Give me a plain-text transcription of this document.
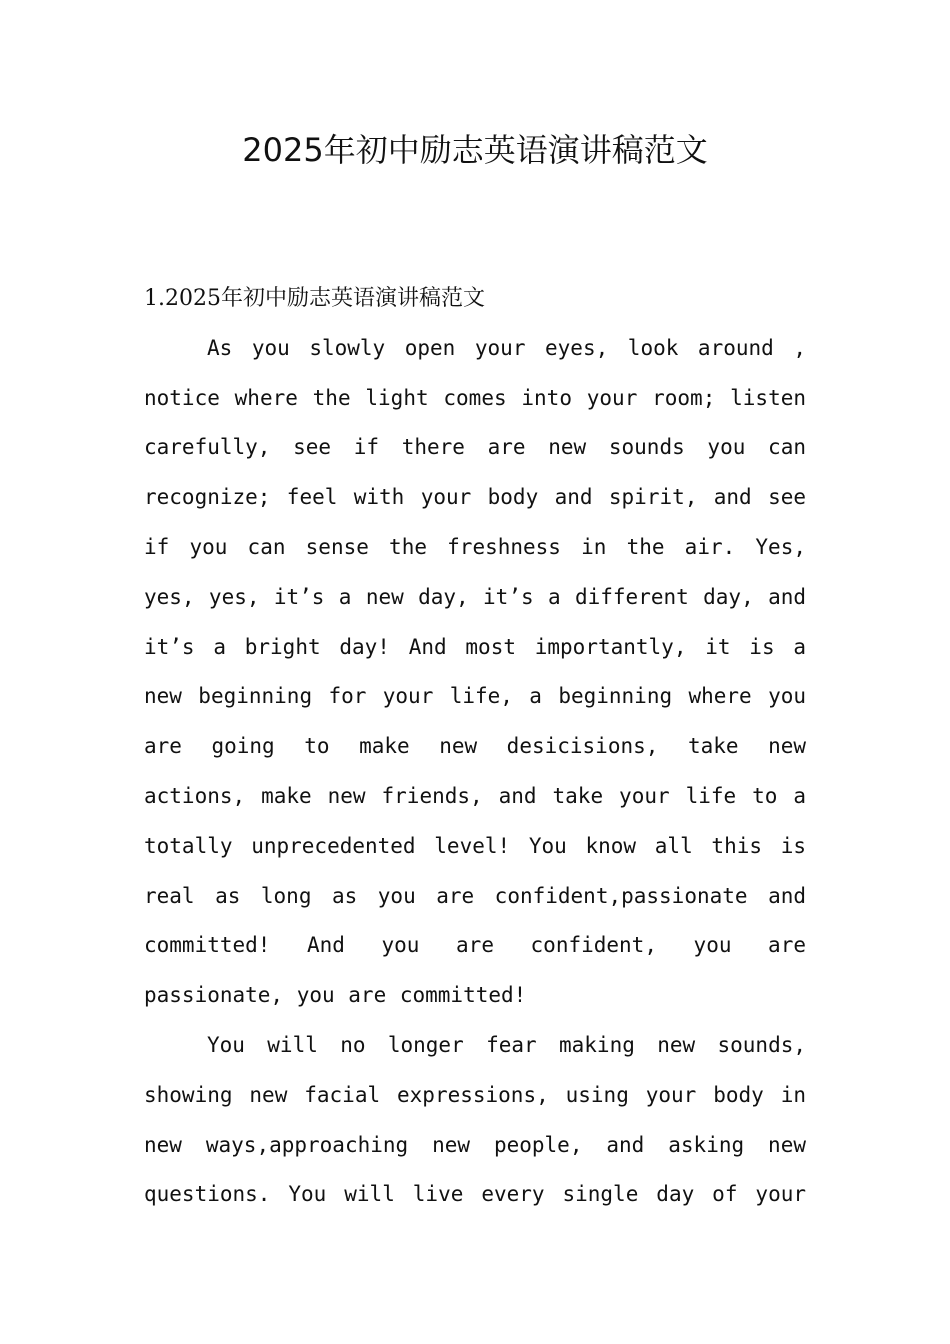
2025年初中励志英语演讲稿范文

1.2025年初中励志英语演讲稿范文

As you slowly open your eyes, look around , notice where the light comes into your room; listen carefully, see if there are new sounds you can recognize; feel with your body and spirit, and see if you can sense the freshness in the air. Yes, yes, yes, it’s a new day, it’s a different day, and it’s a bright day! And most importantly, it is a new beginning for your life, a beginning where you are going to make new desicisions, take new actions, make new friends, and take your life to a totally unprecedented level! You know all this is real as long as you are confident,passionate and committed! And you are confident, you are passionate, you are committed!

You will no longer fear making new sounds, showing new facial expressions, using your body in new ways,approaching new people, and asking new questions. You will live every single day of your
